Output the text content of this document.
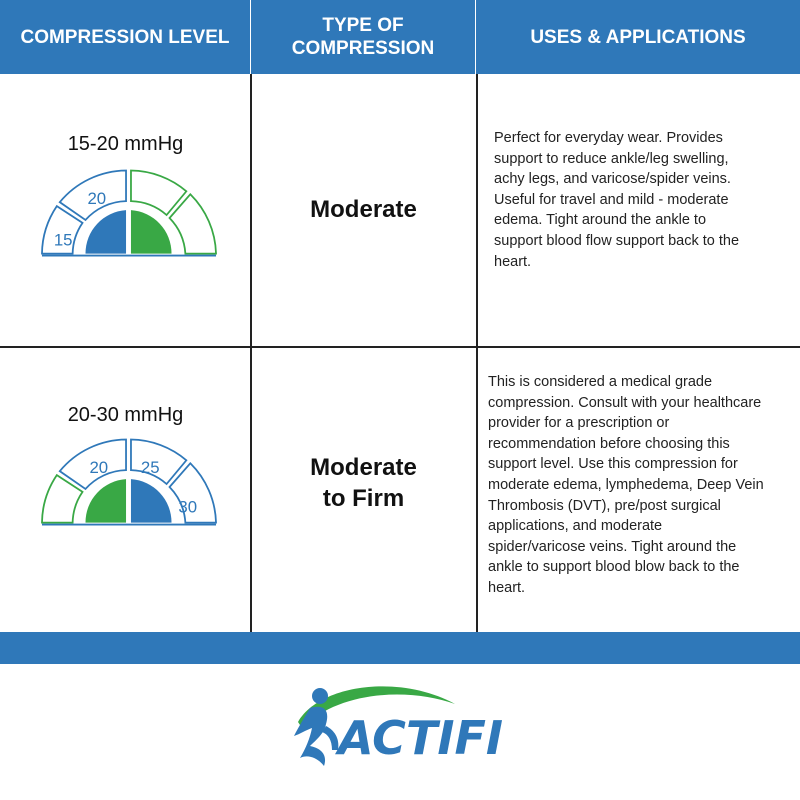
COMPRESSION LEVEL
TYPE OF
COMPRESSION
USES & APPLICATIONS
15-20 mmHg
15
20	Moderate
Perfect for everyday wear. Provides
support to reduce ankle/leg swelling,
achy legs, and varicose/spider veins.
Useful for travel and mild - moderate
edema. Tight around the ankle to
support blood flow support back to the
heart.
20-30 mmHg
20 25
30
Moderate
to Firm
This is considered a medical grade
compression. Consult with your healthcare
provider for a prescription or
recommendation before choosing this
support level. Use this compression for
moderate edema, lymphedema, Deep Vein
Thrombosis (DVT), pre/post surgical
applications, and moderate
spider/varicose veins. Tight around the
ankle to support blood blow back to the
heart.
ACTIFI
